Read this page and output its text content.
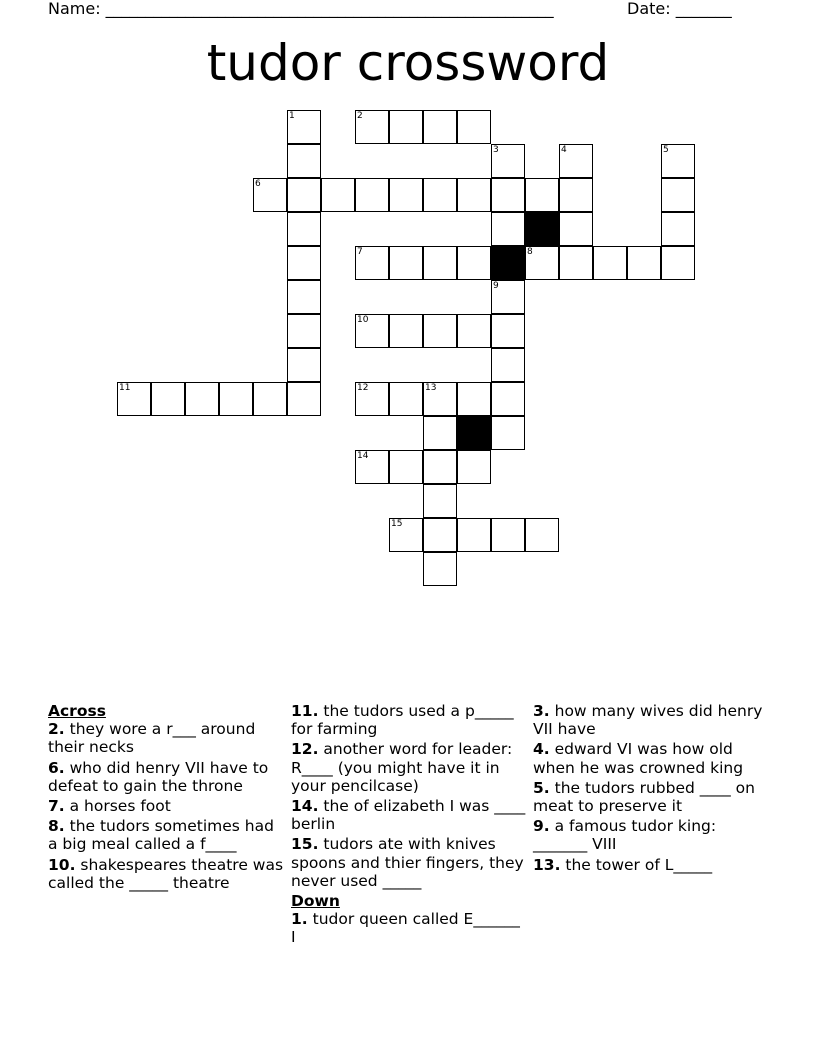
Name: ________________________________________________________	Date: _______
tudor crossword
1	2
3	4	5
6
7	8
9
10
11	12	13
14
15
Across
2. they wore a r___ around their necks
6. who did henry VII have to defeat to gain the throne
7. a horses foot
8. the tudors sometimes had a big meal called a f____
10. shakespeares theatre was called the _____ theatre
11. the tudors used a p_____ for farming
12. another word for leader: R____ (you might have it in your pencilcase)
14. the of elizabeth I was ____ berlin
15. tudors ate with knives spoons and thier fingers, they never used _____
Down
1. tudor queen called E______ I
3. how many wives did henry VII have
4. edward VI was how old when he was crowned king
5. the tudors rubbed ____ on meat to preserve it
9. a famous tudor king: _______ VIII
13. the tower of L_____
